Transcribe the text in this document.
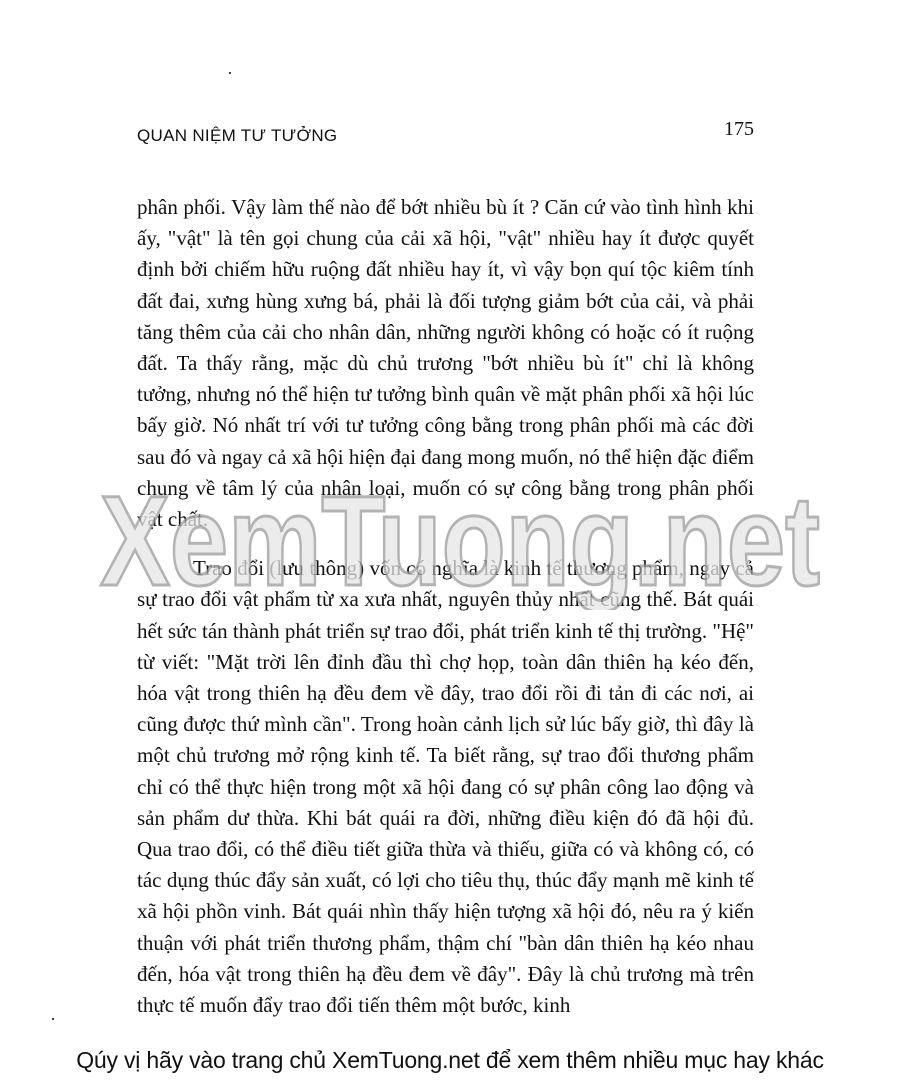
QUAN NIỆM TƯ TƯỞNG	175

phân phối. Vậy làm thế nào để bớt nhiều bù ít ? Căn cứ vào tình hình khi ấy, "vật" là tên gọi chung của cải xã hội, "vật" nhiều hay ít được quyết định bởi chiếm hữu ruộng đất nhiều hay ít, vì vậy bọn quí tộc kiêm tính đất đai, xưng hùng xưng bá, phải là đối tượng giảm bớt của cải, và phải tăng thêm của cải cho nhân dân, những người không có hoặc có ít ruộng đất. Ta thấy rằng, mặc dù chủ trương "bớt nhiều bù ít" chỉ là không tưởng, nhưng nó thể hiện tư tưởng bình quân về mặt phân phối xã hội lúc bấy giờ. Nó nhất trí với tư tưởng công bằng trong phân phối mà các đời sau đó và ngay cả xã hội hiện đại đang mong muốn, nó thể hiện đặc điểm chung về tâm lý của nhân loại, muốn có sự công bằng trong phân phối vật chất.

Trao đổi (lưu thông) vốn có nghĩa là kinh tế thương phẩm, ngay cả sự trao đổi vật phẩm từ xa xưa nhất, nguyên thủy nhất cũng thế. Bát quái hết sức tán thành phát triển sự trao đổi, phát triển kinh tế thị trường. "Hệ" từ viết: "Mặt trời lên đỉnh đầu thì chợ họp, toàn dân thiên hạ kéo đến, hóa vật trong thiên hạ đều đem về đây, trao đổi rồi đi tản đi các nơi, ai cũng được thứ mình cần". Trong hoàn cảnh lịch sử lúc bấy giờ, thì đây là một chủ trương mở rộng kinh tế. Ta biết rằng, sự trao đổi thương phẩm chỉ có thể thực hiện trong một xã hội đang có sự phân công lao động và sản phẩm dư thừa. Khi bát quái ra đời, những điều kiện đó đã hội đủ. Qua trao đổi, có thể điều tiết giữa thừa và thiếu, giữa có và không có, có tác dụng thúc đẩy sản xuất, có lợi cho tiêu thụ, thúc đẩy mạnh mẽ kinh tế xã hội phồn vinh. Bát quái nhìn thấy hiện tượng xã hội đó, nêu ra ý kiến thuận với phát triển thương phẩm, thậm chí "bàn dân thiên hạ kéo nhau đến, hóa vật trong thiên hạ đều đem về đây". Đây là chủ trương mà trên thực tế muốn đẩy trao đổi tiến thêm một bước, kinh

XemTuong.net
Qúy vị hãy vào trang chủ XemTuong.net để xem thêm nhiều mục hay khác
